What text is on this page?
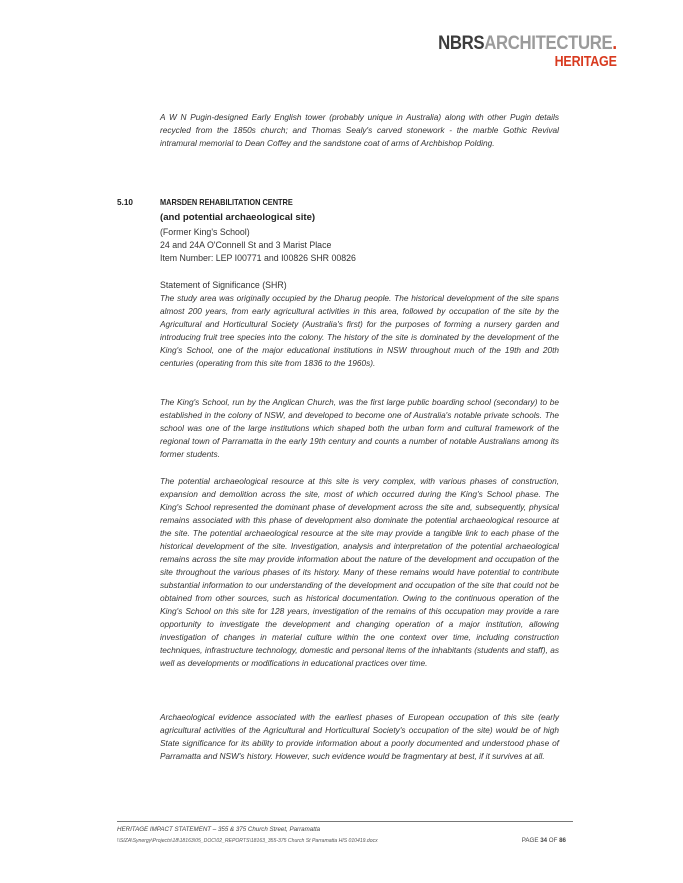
NBRSARCHITECTURE.
HERITAGE

A W N Pugin-designed Early English tower (probably unique in Australia) along with other Pugin details recycled from the 1850s church; and Thomas Sealy's carved stonework - the marble Gothic Revival intramural memorial to Dean Coffey and the sandstone coat of arms of Archbishop Polding.

5.10	MARSDEN REHABILITATION CENTRE
(and potential archaeological site)
(Former King's School)
24 and 24A O'Connell St and 3 Marist Place
Item Number: LEP I00771 and I00826 SHR 00826
Statement of Significance (SHR)

The study area was originally occupied by the Dharug people. The historical development of the site spans almost 200 years, from early agricultural activities in this area, followed by occupation of the site by the Agricultural and Horticultural Society (Australia's first) for the purposes of forming a nursery garden and introducing fruit tree species into the colony. The history of the site is dominated by the development of the King's School, one of the major educational institutions in NSW throughout much of the 19th and 20th centuries (operating from this site from 1836 to the 1960s).

The King's School, run by the Anglican Church, was the first large public boarding school (secondary) to be established in the colony of NSW, and developed to become one of Australia's notable private schools. The school was one of the large institutions which shaped both the urban form and cultural framework of the regional town of Parramatta in the early 19th century and counts a number of notable Australians among its former students.

The potential archaeological resource at this site is very complex, with various phases of construction, expansion and demolition across the site, most of which occurred during the King's School phase. The King's School represented the dominant phase of development across the site and, subsequently, physical remains associated with this phase of development also dominate the potential archaeological resource at the site. The potential archaeological resource at the site may provide a tangible link to each phase of the historical development of the site. Investigation, analysis and interpretation of the potential archaeological remains across the site may provide information about the nature of the development and occupation of the site throughout the various phases of its history. Many of these remains would have potential to contribute substantial information to our understanding of the development and occupation of the site that could not be obtained from other sources, such as historical documentation. Owing to the continuous operation of the King's School on this site for 128 years, investigation of the remains of this occupation may provide a rare opportunity to investigate the development and changing operation of a major institution, allowing investigation of changes in material culture within the one context over time, including construction techniques, infrastructure technology, domestic and personal items of the inhabitants (students and staff), as well as developments or modifications in educational practices over time.

Archaeological evidence associated with the earliest phases of European occupation of this site (early agricultural activities of the Agricultural and Horticultural Society's occupation of the site) would be of high State significance for its ability to provide information about a poorly documented and understood phase of Parramatta and NSW's history. However, such evidence would be fragmentary at best, if it survives at all.

HERITAGE IMPACT STATEMENT – 355 & 375 Church Street, Parramatta
\\SIZA\Synergy\Projects\18\18163\05_DOC\02_REPORTS\18163_355-375 Church St Parramatta HIS 010419.docx	PAGE 34 OF 86
